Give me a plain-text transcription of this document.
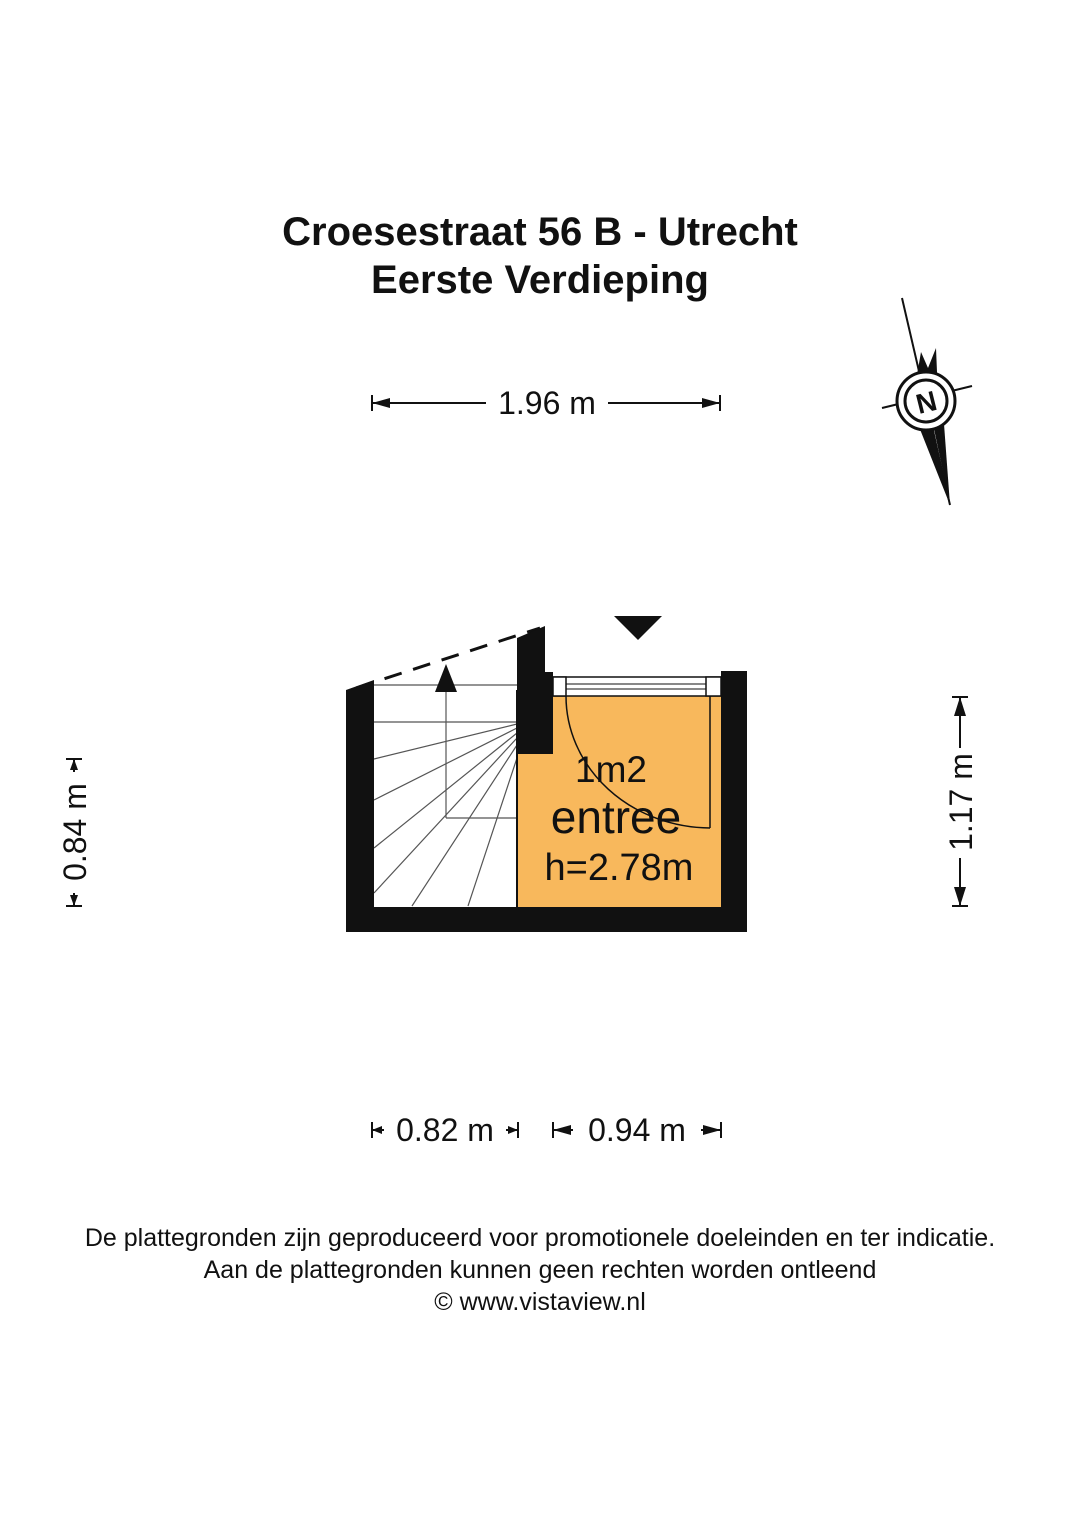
Croesestraat 56 B - Utrecht
Eerste Verdieping
1.96 m	N
1m2
entree
h=2.78m
0.84 m	1.17 m
0.82 m	0.94 m

De plattegronden zijn geproduceerd voor promotionele doeleinden en ter indicatie.

Aan de plattegronden kunnen geen rechten worden ontleend

© www.vistaview.nl
